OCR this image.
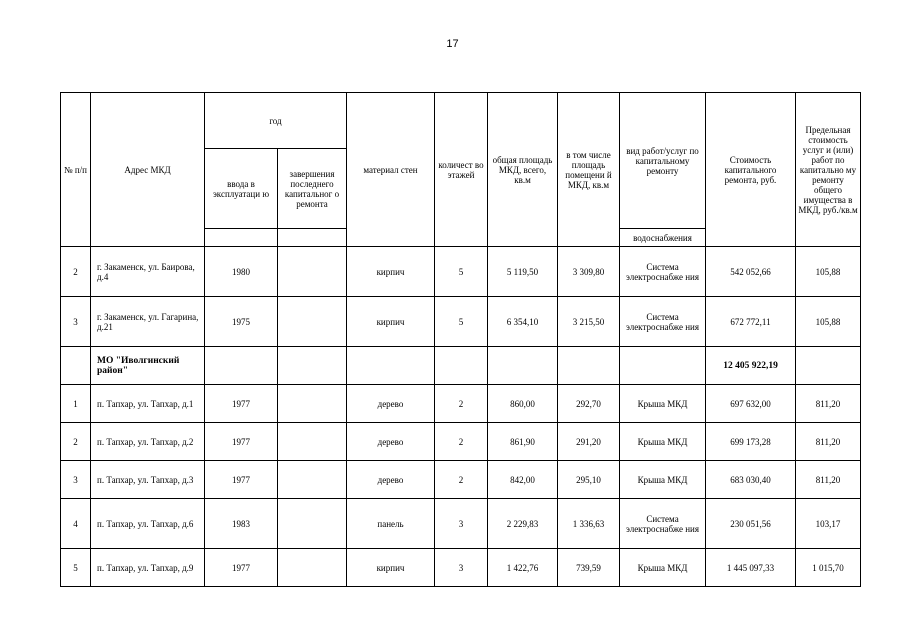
17
№ п/п	Адрес МКД	год		материал стен	количест во этажей	общая площадь МКД, всего, кв.м	в том числе площадь помещени й МКД, кв.м	вид работ/услуг по капитальному ремонту	Стоимость капитального ремонта, руб.	Предельная стоимость услуг и (или) работ по капитально му ремонту общего имущества в МКД, руб./кв.м
		ввода в эксплуатаци ю	завершения последнего капитальног о ремонта							
								водоснабжения		
2	г. Закаменск, ул. Баирова, д.4	1980		кирпич	5	5 119,50	3 309,80	Система электроснабже ния	542 052,66	105,88
3	г. Закаменск, ул. Гагарина, д.21	1975		кирпич	5	6 354,10	3 215,50	Система электроснабже ния	672 772,11	105,88
	МО "Иволгинский район"								12 405 922,19	
1	п. Тапхар, ул. Тапхар, д.1	1977		дерево	2	860,00	292,70	Крыша МКД	697 632,00	811,20
2	п. Тапхар, ул. Тапхар, д.2	1977		дерево	2	861,90	291,20	Крыша МКД	699 173,28	811,20
3	п. Тапхар, ул. Тапхар, д.3	1977		дерево	2	842,00	295,10	Крыша МКД	683 030,40	811,20
4	п. Тапхар, ул. Тапхар, д.6	1983		панель	3	2 229,83	1 336,63	Система электроснабже ния	230 051,56	103,17
5	п. Тапхар, ул. Тапхар, д.9	1977		кирпич	3	1 422,76	739,59	Крыша МКД	1 445 097,33	1 015,70
